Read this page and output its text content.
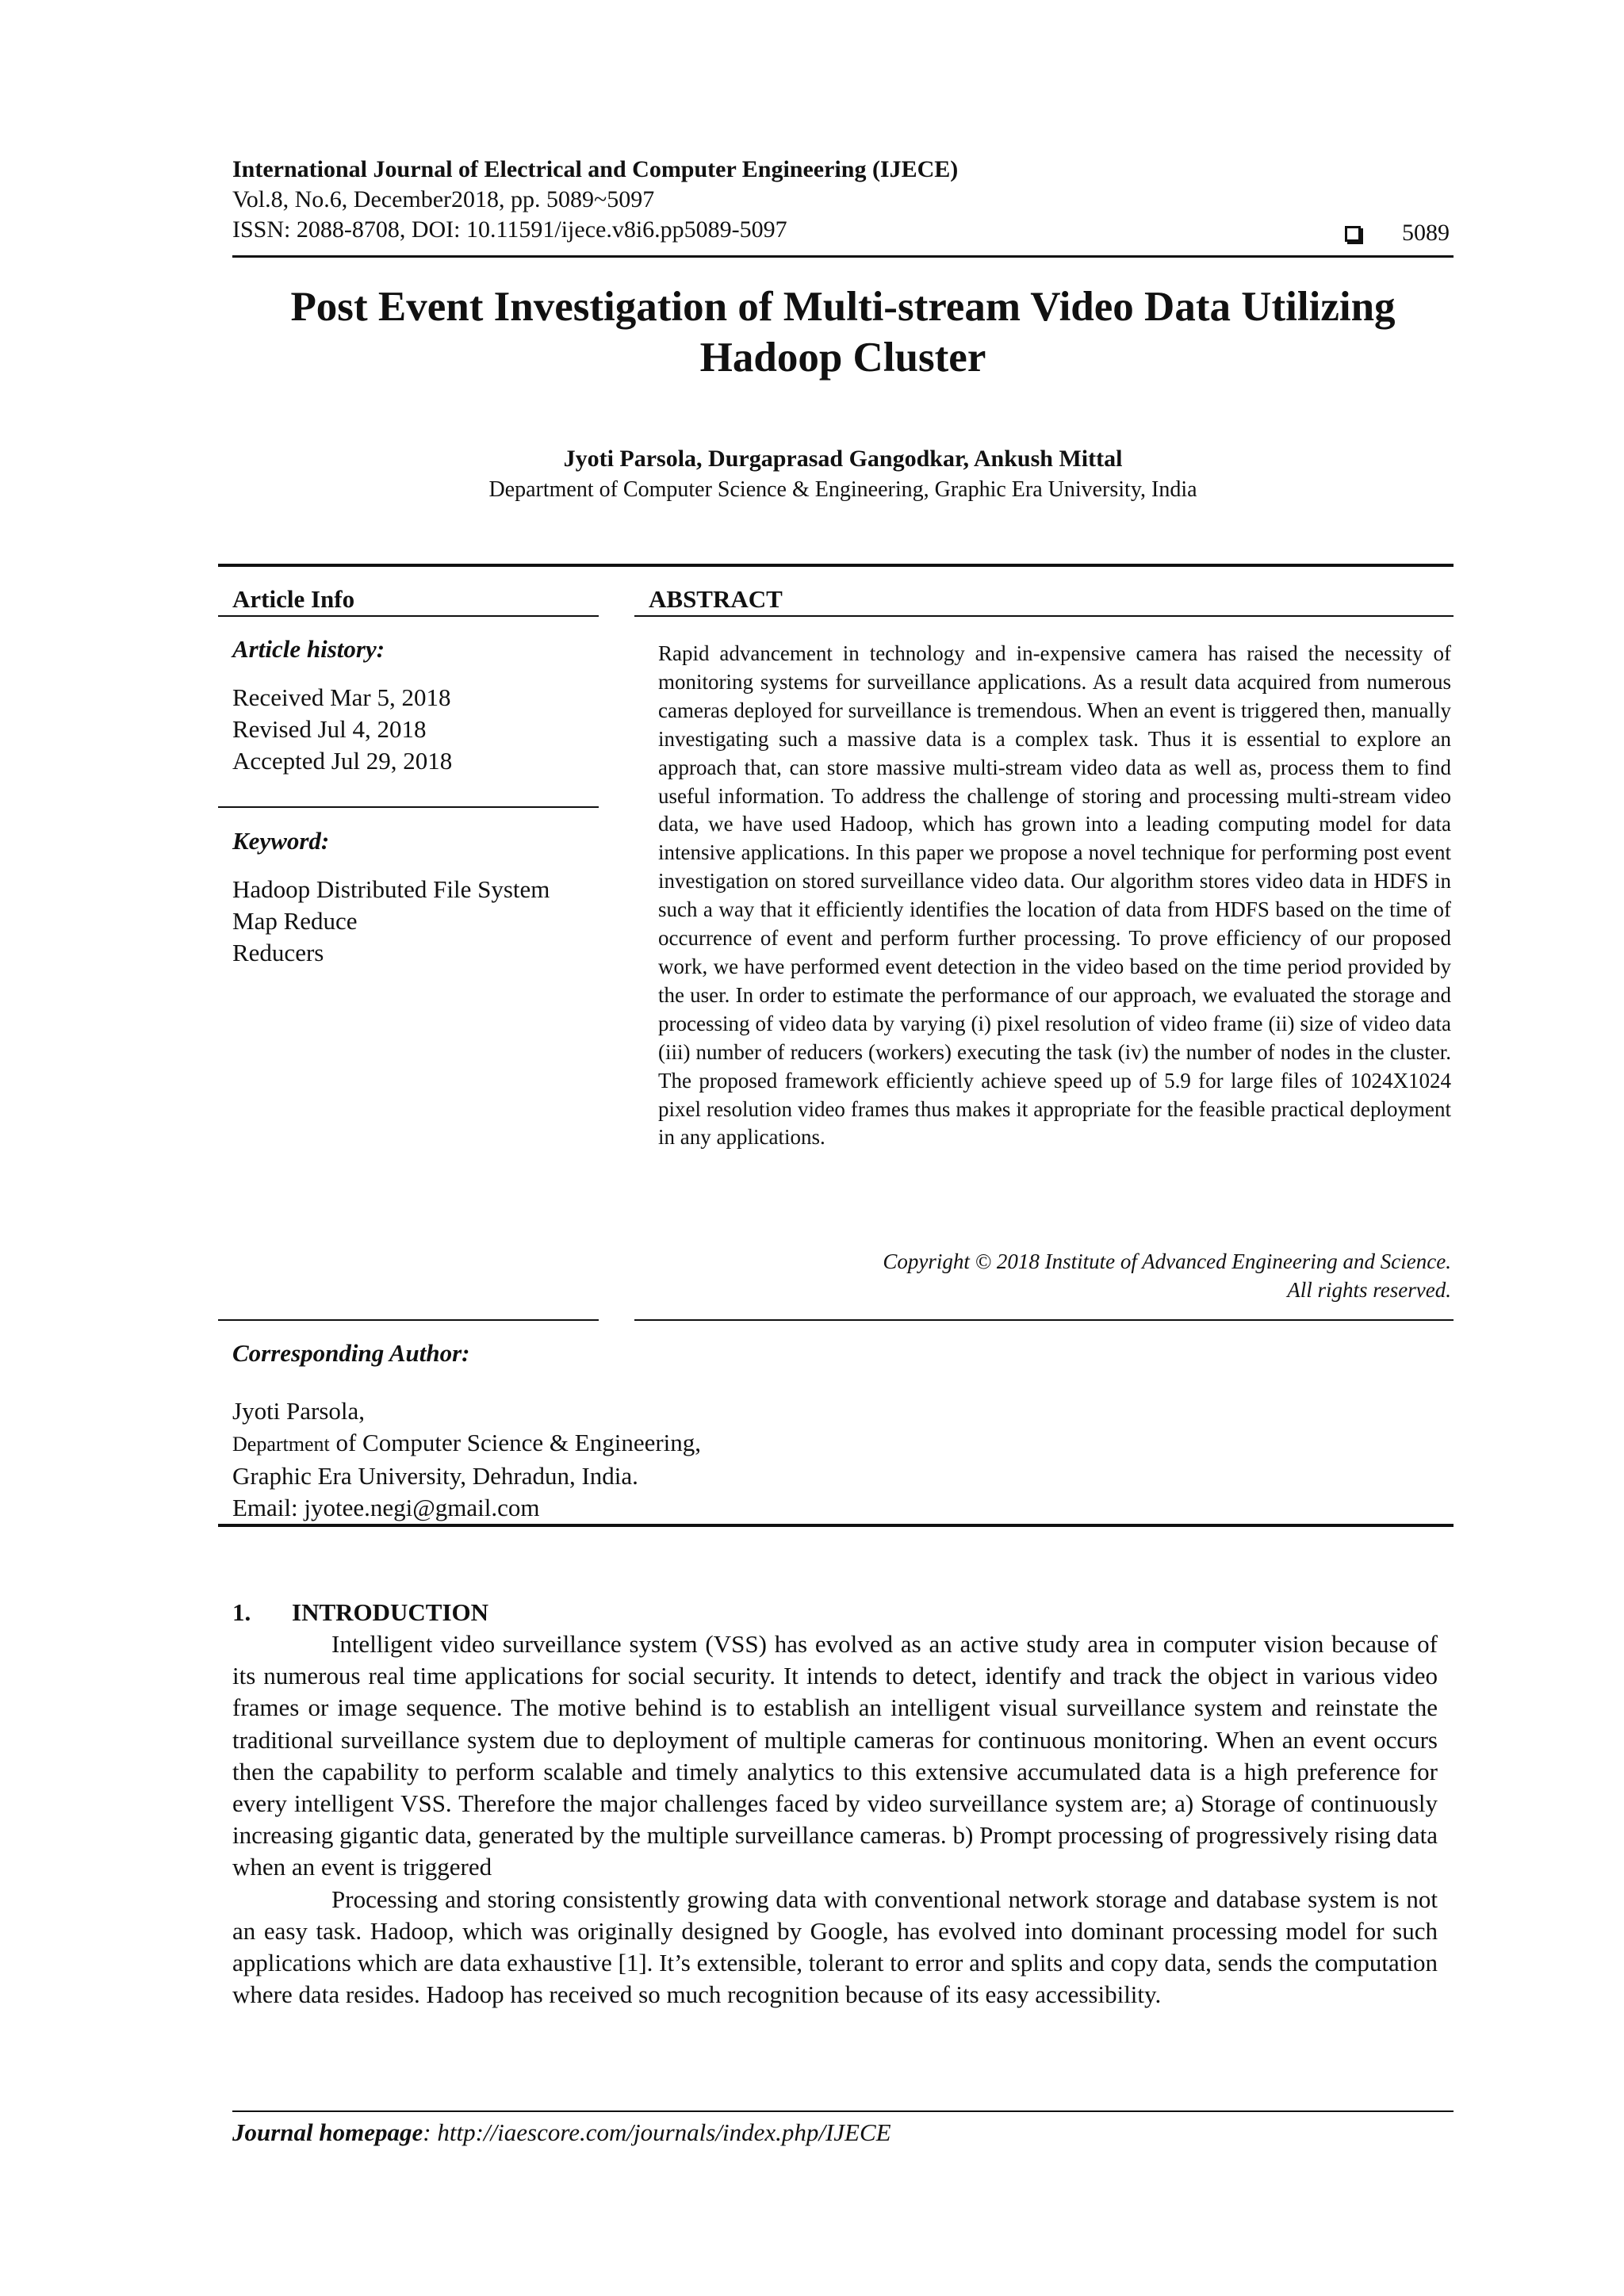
International Journal of Electrical and Computer Engineering (IJECE)
Vol.8, No.6, December2018, pp. 5089~5097
ISSN: 2088-8708, DOI: 10.11591/ijece.v8i6.pp5089-5097	5089
Post Event Investigation of Multi-stream Video Data Utilizing
Hadoop Cluster
Jyoti Parsola, Durgaprasad Gangodkar, Ankush Mittal
Department of Computer Science & Engineering, Graphic Era University, India
Article Info	ABSTRACT
Article history:
Received Mar 5, 2018
Revised Jul 4, 2018
Accepted Jul 29, 2018
Keyword:
Hadoop Distributed File System
Map Reduce
Reducers
Rapid advancement in technology and in-expensive camera has raised the necessity of monitoring systems for surveillance applications. As a result data acquired from numerous cameras deployed for surveillance is tremendous. When an event is triggered then, manually investigating such a massive data is a complex task. Thus it is essential to explore an approach that, can store massive multi-stream video data as well as, process them to find useful information. To address the challenge of storing and processing multi-stream video data, we have used Hadoop, which has grown into a leading computing model for data intensive applications. In this paper we propose a novel technique for performing post event investigation on stored surveillance video data. Our algorithm stores video data in HDFS in such a way that it efficiently identifies the location of data from HDFS based on the time of occurrence of event and perform further processing. To prove efficiency of our proposed work, we have performed event detection in the video based on the time period provided by the user. In order to estimate the performance of our approach, we evaluated the storage and processing of video data by varying (i) pixel resolution of video frame (ii) size of video data (iii) number of reducers (workers) executing the task (iv) the number of nodes in the cluster. The proposed framework efficiently achieve speed up of 5.9 for large files of 1024X1024 pixel resolution video frames thus makes it appropriate for the feasible practical deployment in any applications.
Copyright © 2018 Institute of Advanced Engineering and Science.
All rights reserved.
Corresponding Author:
Jyoti Parsola,
Department of Computer Science & Engineering,
Graphic Era University, Dehradun, India.
Email: jyotee.negi@gmail.com
1. INTRODUCTION

Intelligent video surveillance system (VSS) has evolved as an active study area in computer vision because of its numerous real time applications for social security. It intends to detect, identify and track the object in various video frames or image sequence. The motive behind is to establish an intelligent visual surveillance system and reinstate the traditional surveillance system due to deployment of multiple cameras for continuous monitoring. When an event occurs then the capability to perform scalable and timely analytics to this extensive accumulated data is a high preference for every intelligent VSS. Therefore the major challenges faced by video surveillance system are; a) Storage of continuously increasing gigantic data, generated by the multiple surveillance cameras. b) Prompt processing of progressively rising data when an event is triggered

Processing and storing consistently growing data with conventional network storage and database system is not an easy task. Hadoop, which was originally designed by Google, has evolved into dominant processing model for such applications which are data exhaustive [1]. It’s extensible, tolerant to error and splits and copy data, sends the computation where data resides. Hadoop has received so much recognition because of its easy accessibility.

Journal homepage: http://iaescore.com/journals/index.php/IJECE
